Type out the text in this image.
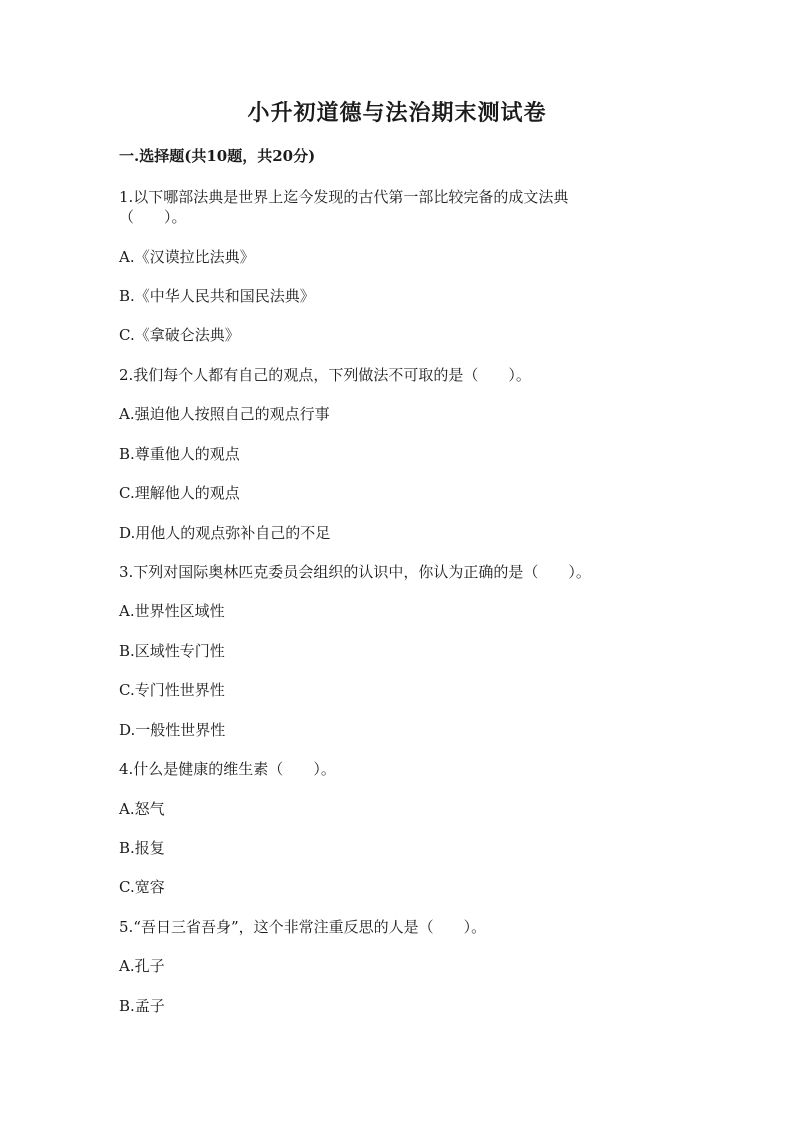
小升初道德与法治期末测试卷
一.选择题(共10题，共20分)
1.以下哪部法典是世界上迄今发现的古代第一部比较完备的成文法典
（　　）。
A.《汉谟拉比法典》
B.《中华人民共和国民法典》
C.《拿破仑法典》
2.我们每个人都有自己的观点，下列做法不可取的是（　　）。
A.强迫他人按照自己的观点行事
B.尊重他人的观点
C.理解他人的观点
D.用他人的观点弥补自己的不足
3.下列对国际奥林匹克委员会组织的认识中，你认为正确的是（　　）。
A.世界性区域性
B.区域性专门性
C.专门性世界性
D.一般性世界性
4.什么是健康的维生素（　　）。
A.怒气
B.报复
C.宽容
5.“吾日三省吾身”，这个非常注重反思的人是（　　）。
A.孔子
B.孟子
